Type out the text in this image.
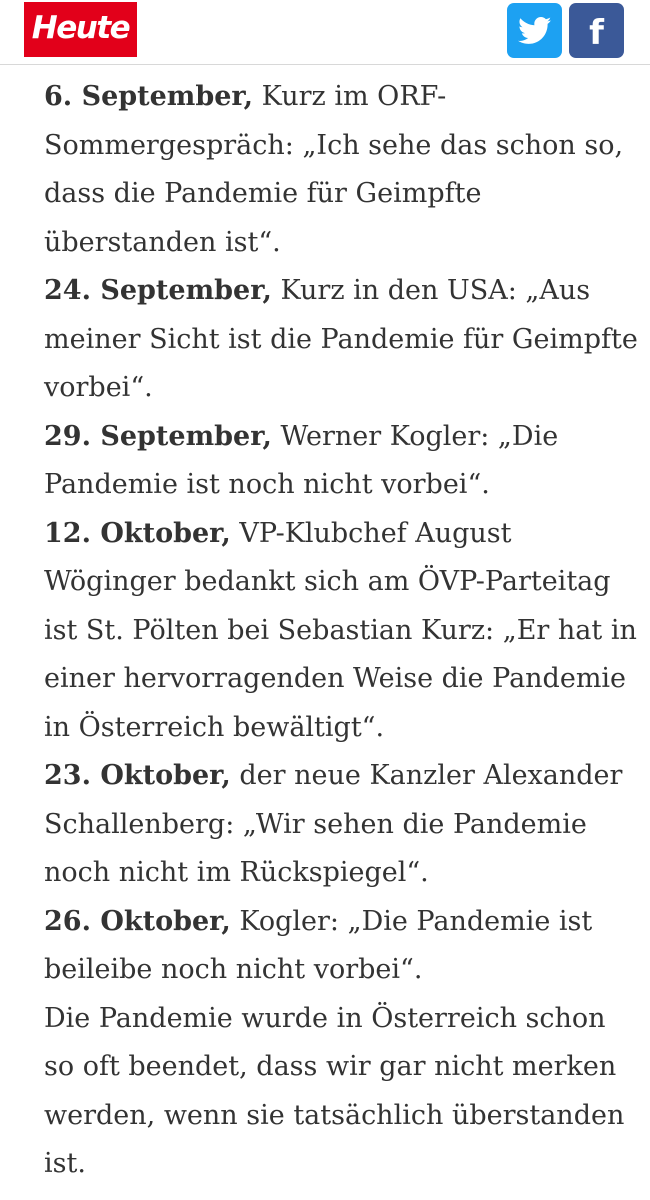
Heute	f

6. September, Kurz im ORF-Sommergespräch: „Ich sehe das schon so, dass die Pandemie für Geimpfte überstanden ist“.

24. September, Kurz in den USA: „Aus meiner Sicht ist die Pandemie für Geimpfte vorbei“.

29. September, Werner Kogler: „Die Pandemie ist noch nicht vorbei“.

12. Oktober, VP-Klubchef August Wöginger bedankt sich am ÖVP-Parteitag ist St. Pölten bei Sebastian Kurz: „Er hat in einer hervorragenden Weise die Pandemie in Österreich bewältigt“.

23. Oktober, der neue Kanzler Alexander Schallenberg: „Wir sehen die Pandemie noch nicht im Rückspiegel“.

26. Oktober, Kogler: „Die Pandemie ist beileibe noch nicht vorbei“.

Die Pandemie wurde in Österreich schon so oft beendet, dass wir gar nicht merken werden, wenn sie tatsächlich überstanden ist.
